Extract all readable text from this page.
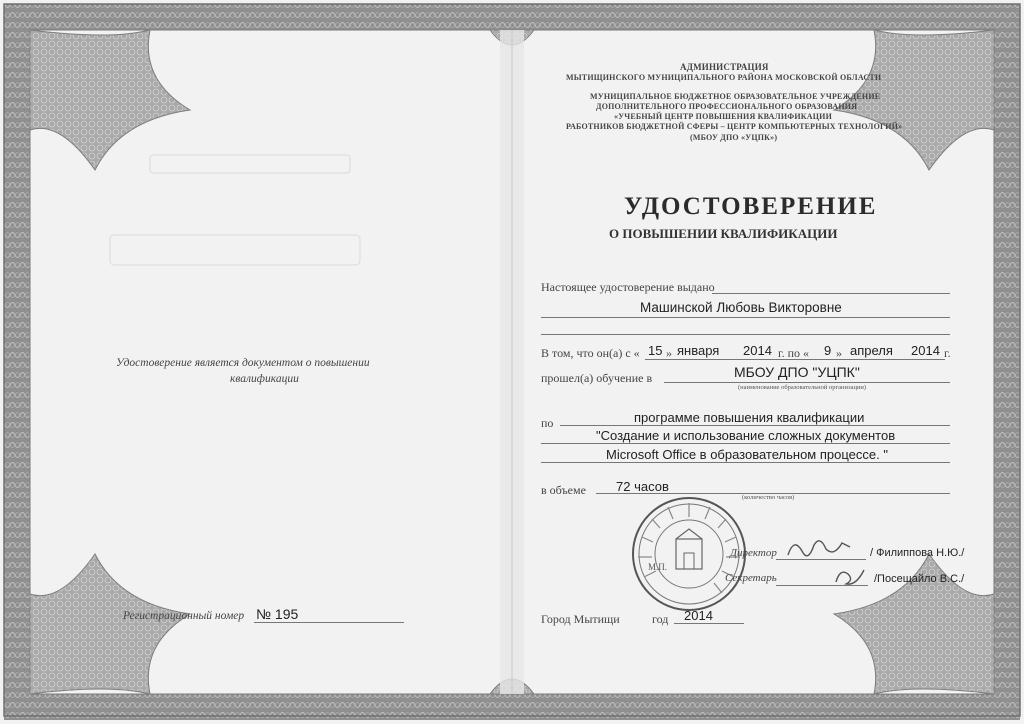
АДМИНИСТРАЦИЯ
МЫТИЩИНСКОГО МУНИЦИПАЛЬНОГО РАЙОНА МОСКОВСКОЙ ОБЛАСТИ
МУНИЦИПАЛЬНОЕ БЮДЖЕТНОЕ ОБРАЗОВАТЕЛЬНОЕ УЧРЕЖДЕНИЕ
ДОПОЛНИТЕЛЬНОГО ПРОФЕССИОНАЛЬНОГО ОБРАЗОВАНИЯ
«УЧЕБНЫЙ ЦЕНТР ПОВЫШЕНИЯ КВАЛИФИКАЦИИ
РАБОТНИКОВ БЮДЖЕТНОЙ СФЕРЫ – ЦЕНТР КОМПЬЮТЕРНЫХ ТЕХНОЛОГИЙ»
(МБОУ ДПО «УЦПК»)
УДОСТОВЕРЕНИЕ
О ПОВЫШЕНИИ КВАЛИФИКАЦИИ
Удостоверение является документом о повышении
квалификации
Регистрационный номер № 195
Настоящее удостоверение выдано
Машинской Любовь Викторовне
В том, что он(а) с « 15 » января 2014 г. по « 9 » апреля 2014 г.
прошел(а) обучение в	МБОУ ДПО "УЦПК"
(наименование образовательной организации)
по	программе повышения квалификации
"Создание и использование сложных документов
Microsoft Office в образовательном процессе. "
в объеме 72 часов
(количество часов)
М.П.
Директор	/ Филиппова Н.Ю./
Секретарь	/Посещайло В.С./
Город Мытищи	год 2014
